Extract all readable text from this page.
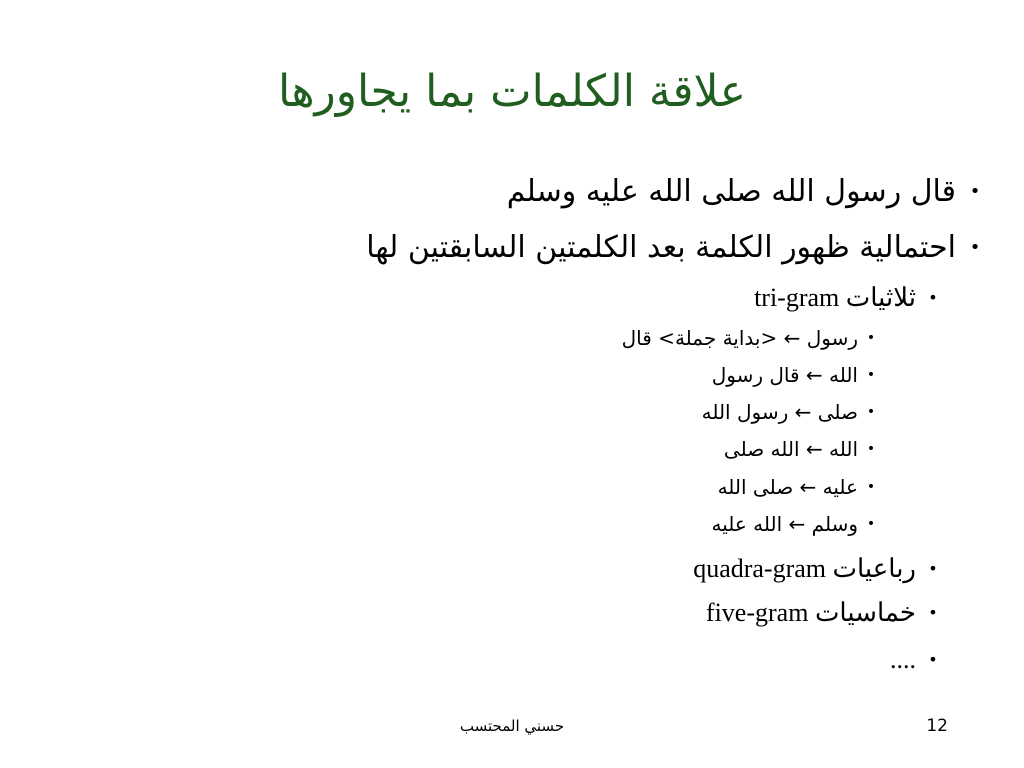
علاقة الكلمات بما يجاورها
•
قال رسول الله صلى الله عليه وسلم
•
احتمالية ظهور الكلمة بعد الكلمتين السابقتين لها
•
ثلاثيات tri-gram
•
رسول ← <بداية جملة> قال
•
الله ← قال رسول
•
صلى ← رسول الله
•
الله ← الله صلى
•
عليه ← صلى الله
•
وسلم ← الله عليه
•
رباعيات quadra-gram
•
خماسيات five-gram
•
....
حسني المحتسب	12
